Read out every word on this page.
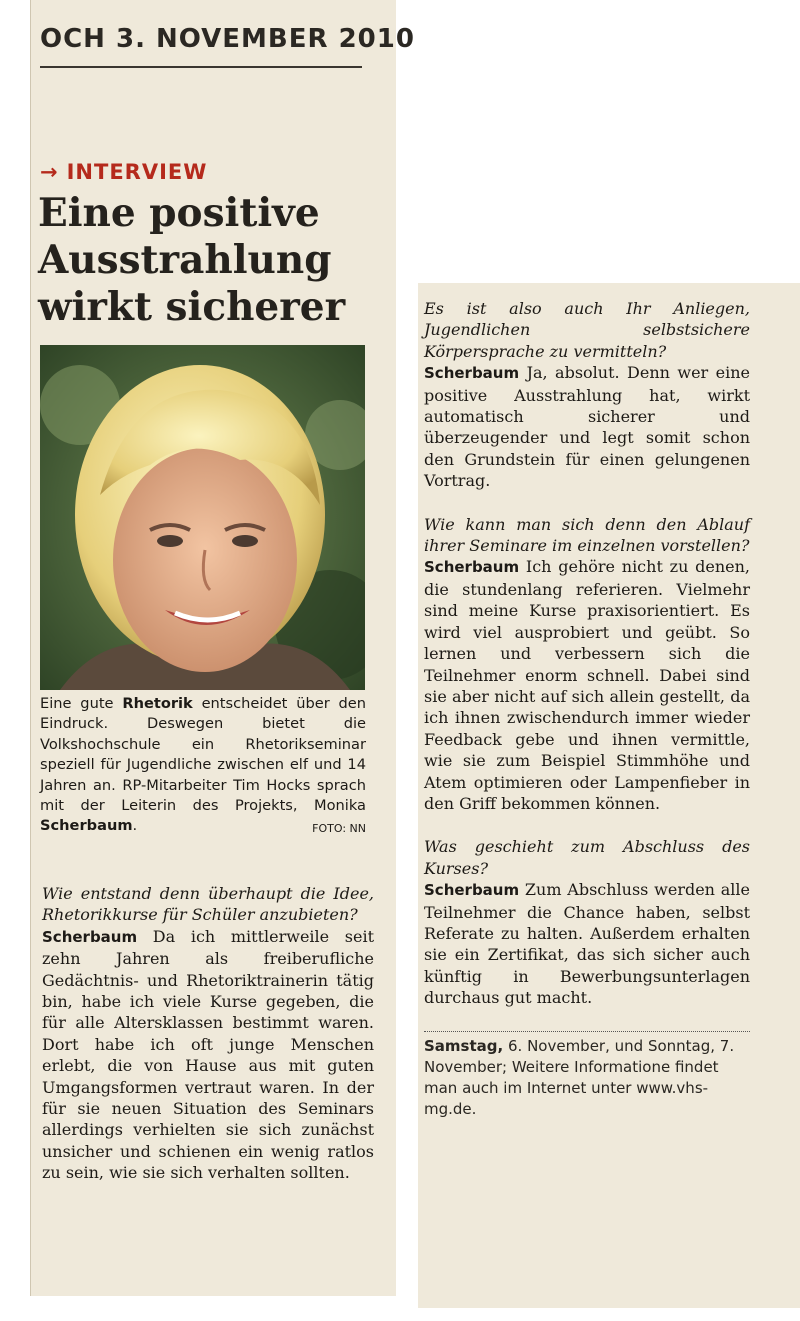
OCH 3. NOVEMBER 2010
→ INTERVIEW
Eine positive Ausstrahlung wirkt sicherer
Eine gute Rhetorik entscheidet über den Eindruck. Deswegen bietet die Volkshochschule ein Rhetorikseminar speziell für Jugendliche zwischen elf und 14 Jahren an. RP-Mitarbeiter Tim Hocks sprach mit der Leiterin des Projekts, Monika Scherbaum.	FOTO: NN
Wie entstand denn überhaupt die Idee, Rhetorikkurse für Schüler anzubieten?
Scherbaum Da ich mittlerweile seit zehn Jahren als freiberufliche Gedächtnis- und Rhetoriktrainerin tätig bin, habe ich viele Kurse gegeben, die für alle Altersklassen bestimmt waren. Dort habe ich oft junge Menschen erlebt, die von Hause aus mit guten Umgangsformen vertraut waren. In der für sie neuen Situation des Seminars allerdings verhielten sie sich zunächst unsicher und schienen ein wenig ratlos zu sein, wie sie sich verhalten sollten.
Es ist also auch Ihr Anliegen, Jugendlichen selbstsichere Körpersprache zu vermitteln?
Scherbaum Ja, absolut. Denn wer eine positive Ausstrahlung hat, wirkt automatisch sicherer und überzeugender und legt somit schon den Grundstein für einen gelungenen Vortrag.
Wie kann man sich denn den Ablauf ihrer Seminare im einzelnen vorstellen?
Scherbaum Ich gehöre nicht zu denen, die stundenlang referieren. Vielmehr sind meine Kurse praxisorientiert. Es wird viel ausprobiert und geübt. So lernen und verbessern sich die Teilnehmer enorm schnell. Dabei sind sie aber nicht auf sich allein gestellt, da ich ihnen zwischendurch immer wieder Feedback gebe und ihnen vermittle, wie sie zum Beispiel Stimmhöhe und Atem optimieren oder Lampenfieber in den Griff bekommen können.
Was geschieht zum Abschluss des Kurses?
Scherbaum Zum Abschluss werden alle Teilnehmer die Chance haben, selbst Referate zu halten. Außerdem erhalten sie ein Zertifikat, das sich sicher auch künftig in Bewerbungsunterlagen durchaus gut macht.
Samstag, 6. November, und Sonntag, 7. November; Weitere Informatione findet man auch im Internet unter www.vhs-mg.de.
